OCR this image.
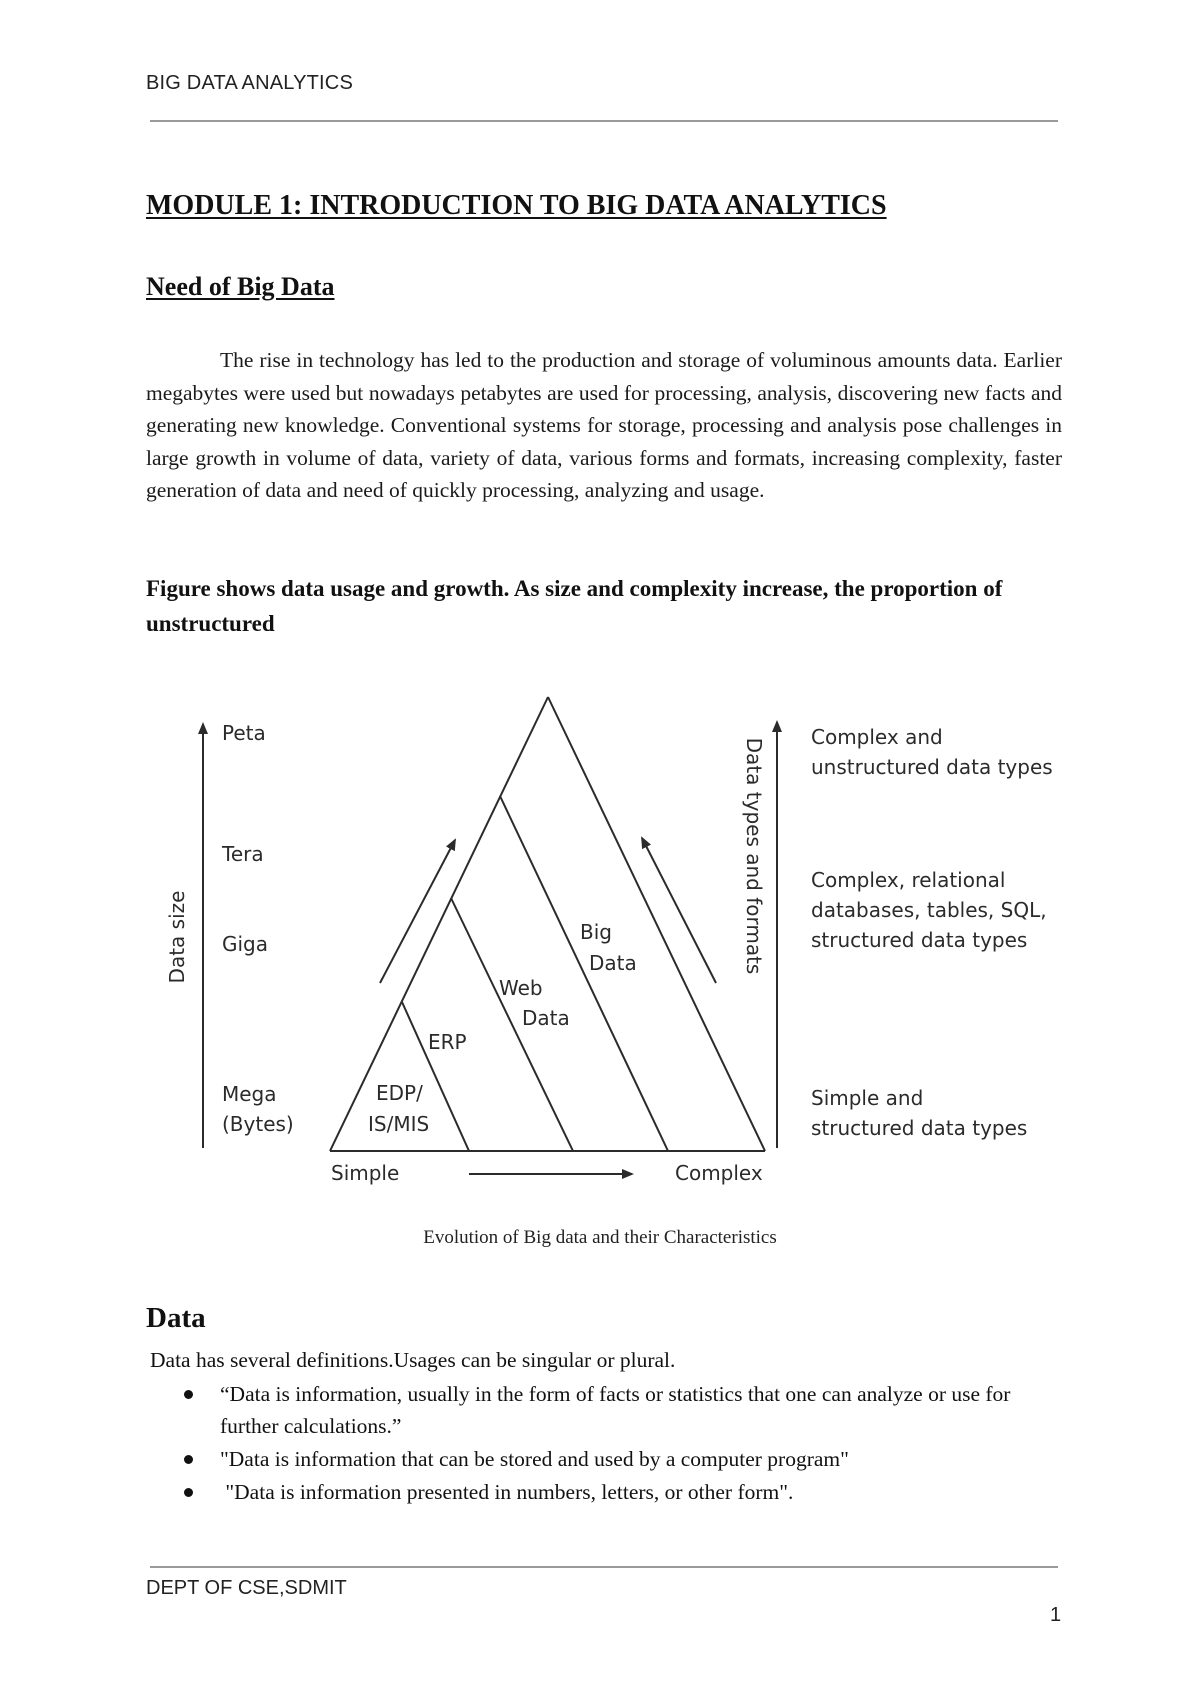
BIG DATA ANALYTICS
MODULE 1: INTRODUCTION TO BIG DATA ANALYTICS
Need of Big Data

The rise in technology has led to the production and storage of voluminous amounts data. Earlier megabytes were used but nowadays petabytes are used for processing, analysis, discovering new facts and generating new knowledge. Conventional systems for storage, processing and analysis pose challenges in large growth in volume of data, variety of data, various forms and formats, increasing complexity, faster generation of data and need of quickly processing, analyzing and usage.

Figure shows data usage and growth. As size and complexity increase, the proportion of unstructured

Data size
Peta
Tera
Giga
Mega
(Bytes)
EDP/
IS/MIS
ERP
Web
Data
Big
Data
Simple	Complex
Data types and formats
Complex and
unstructured data types
Complex, relational
databases, tables, SQL,
structured data types
Simple and
structured data types
Evolution of Big data and their Characteristics
Data

Data has several definitions.Usages can be singular or plural.

“Data is information, usually in the form of facts or statistics that one can analyze or use for further calculations.”
"Data is information that can be stored and used by a computer program"
"Data is information presented in numbers, letters, or other form".
DEPT OF CSE,SDMIT
1
